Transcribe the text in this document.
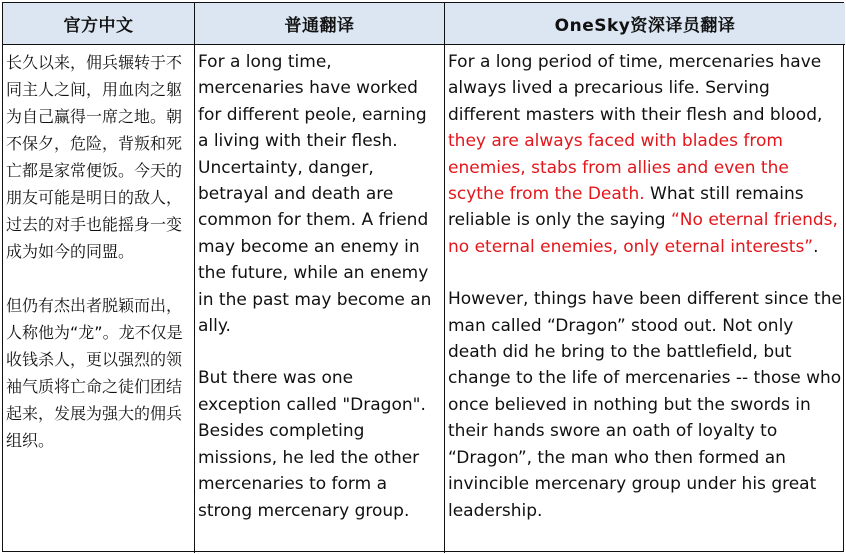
官方中文	普通翻译	OneSky资深译员翻译

长久以来，佣兵辗转于不同主人之间，用血肉之躯为自己赢得一席之地。朝不保夕，危险，背叛和死亡都是家常便饭。今天的朋友可能是明日的敌人，过去的对手也能摇身一变成为如今的同盟。

但仍有杰出者脱颖而出，人称他为“龙”。龙不仅是收钱杀人，更以强烈的领袖气质将亡命之徒们团结起来，发展为强大的佣兵组织。

For a long time, mercenaries have worked for different peole, earning a living with their flesh. Uncertainty, danger, betrayal and death are common for them. A friend may become an enemy in the future, while an enemy in the past may become an ally.

But there was one exception called "Dragon". Besides completing missions, he led the other mercenaries to form a strong mercenary group.

For a long period of time, mercenaries have always lived a precarious life. Serving different masters with their flesh and blood, they are always faced with blades from enemies, stabs from allies and even the scythe from the Death. What still remains reliable is only the saying “No eternal friends, no eternal enemies, only eternal interests”.

However, things have been different since the man called “Dragon” stood out. Not only death did he bring to the battlefield, but change to the life of mercenaries -- those who once believed in nothing but the swords in their hands swore an oath of loyalty to “Dragon”, the man who then formed an invincible mercenary group under his great leadership.
